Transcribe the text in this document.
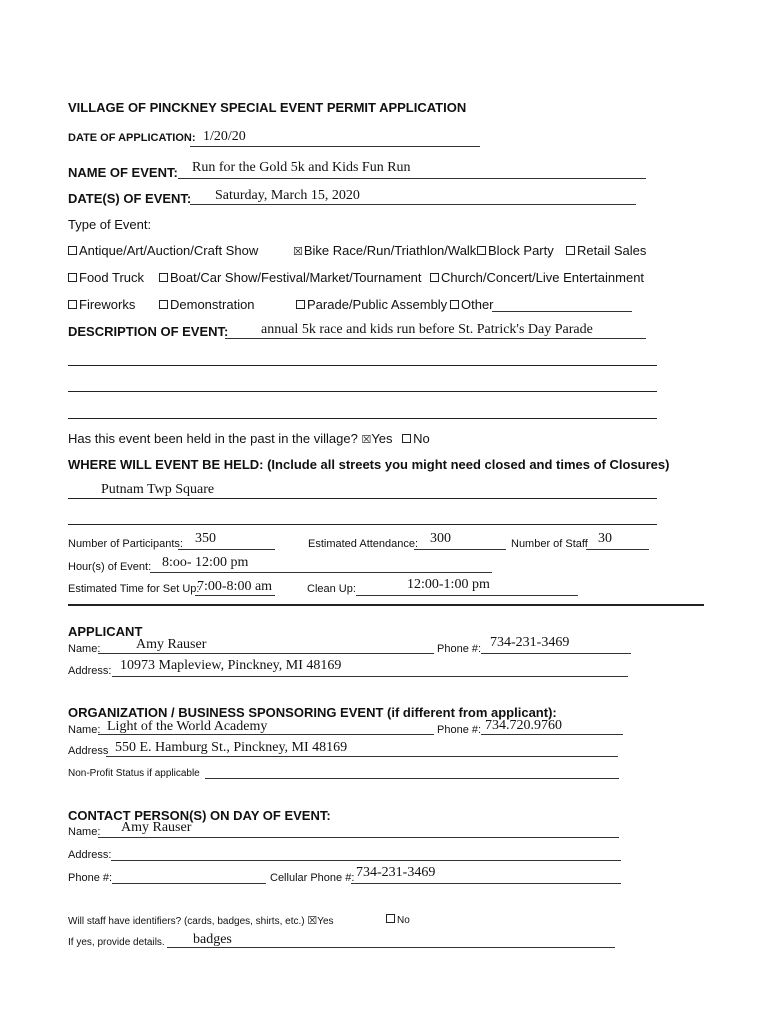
VILLAGE OF PINCKNEY SPECIAL EVENT PERMIT APPLICATION
DATE OF APPLICATION: 1/20/20
NAME OF EVENT: Run for the Gold 5k and Kids Fun Run
DATE(S) OF EVENT: Saturday, March 15, 2020
Type of Event:
Antique/Art/Auction/Craft Show	☒Bike Race/Run/Triathlon/Walk Block Party	Retail Sales
Food Truck	Boat/Car Show/Festival/Market/Tournament	Church/Concert/Live Entertainment
Fireworks	Demonstration	Parade/Public Assembly	Other
DESCRIPTION OF EVENT: annual 5k race and kids run before St. Patrick's Day Parade
Has this event been held in the past in the village? ☒Yes No
WHERE WILL EVENT BE HELD: (Include all streets you might need closed and times of Closures)
Putnam Twp Square
Number of Participants: 350	Estimated Attendance: 300	Number of Staff 30
Hour(s) of Event: 8:oo- 12:00 pm
Estimated Time for Set Up:
7:00-8:00 am	Clean Up:	12:00-1:00 pm
APPLICANT
Name:	Amy Rauser	Phone #: 734-231-3469
Address: 10973 Mapleview, Pinckney, MI 48169
ORGANIZATION / BUSINESS SPONSORING EVENT (if different from applicant):
Name: Light of the World Academy	Phone #: 734.720.9760
Address 550 E. Hamburg St., Pinckney, MI 48169
Non-Profit Status if applicable
CONTACT PERSON(S) ON DAY OF EVENT:
Name: Amy Rauser
Address:
Phone #:	Cellular Phone #: 734-231-3469
Will staff have identifiers? (cards, badges, shirts, etc.) ☒Yes	No
If yes, provide details. badges
